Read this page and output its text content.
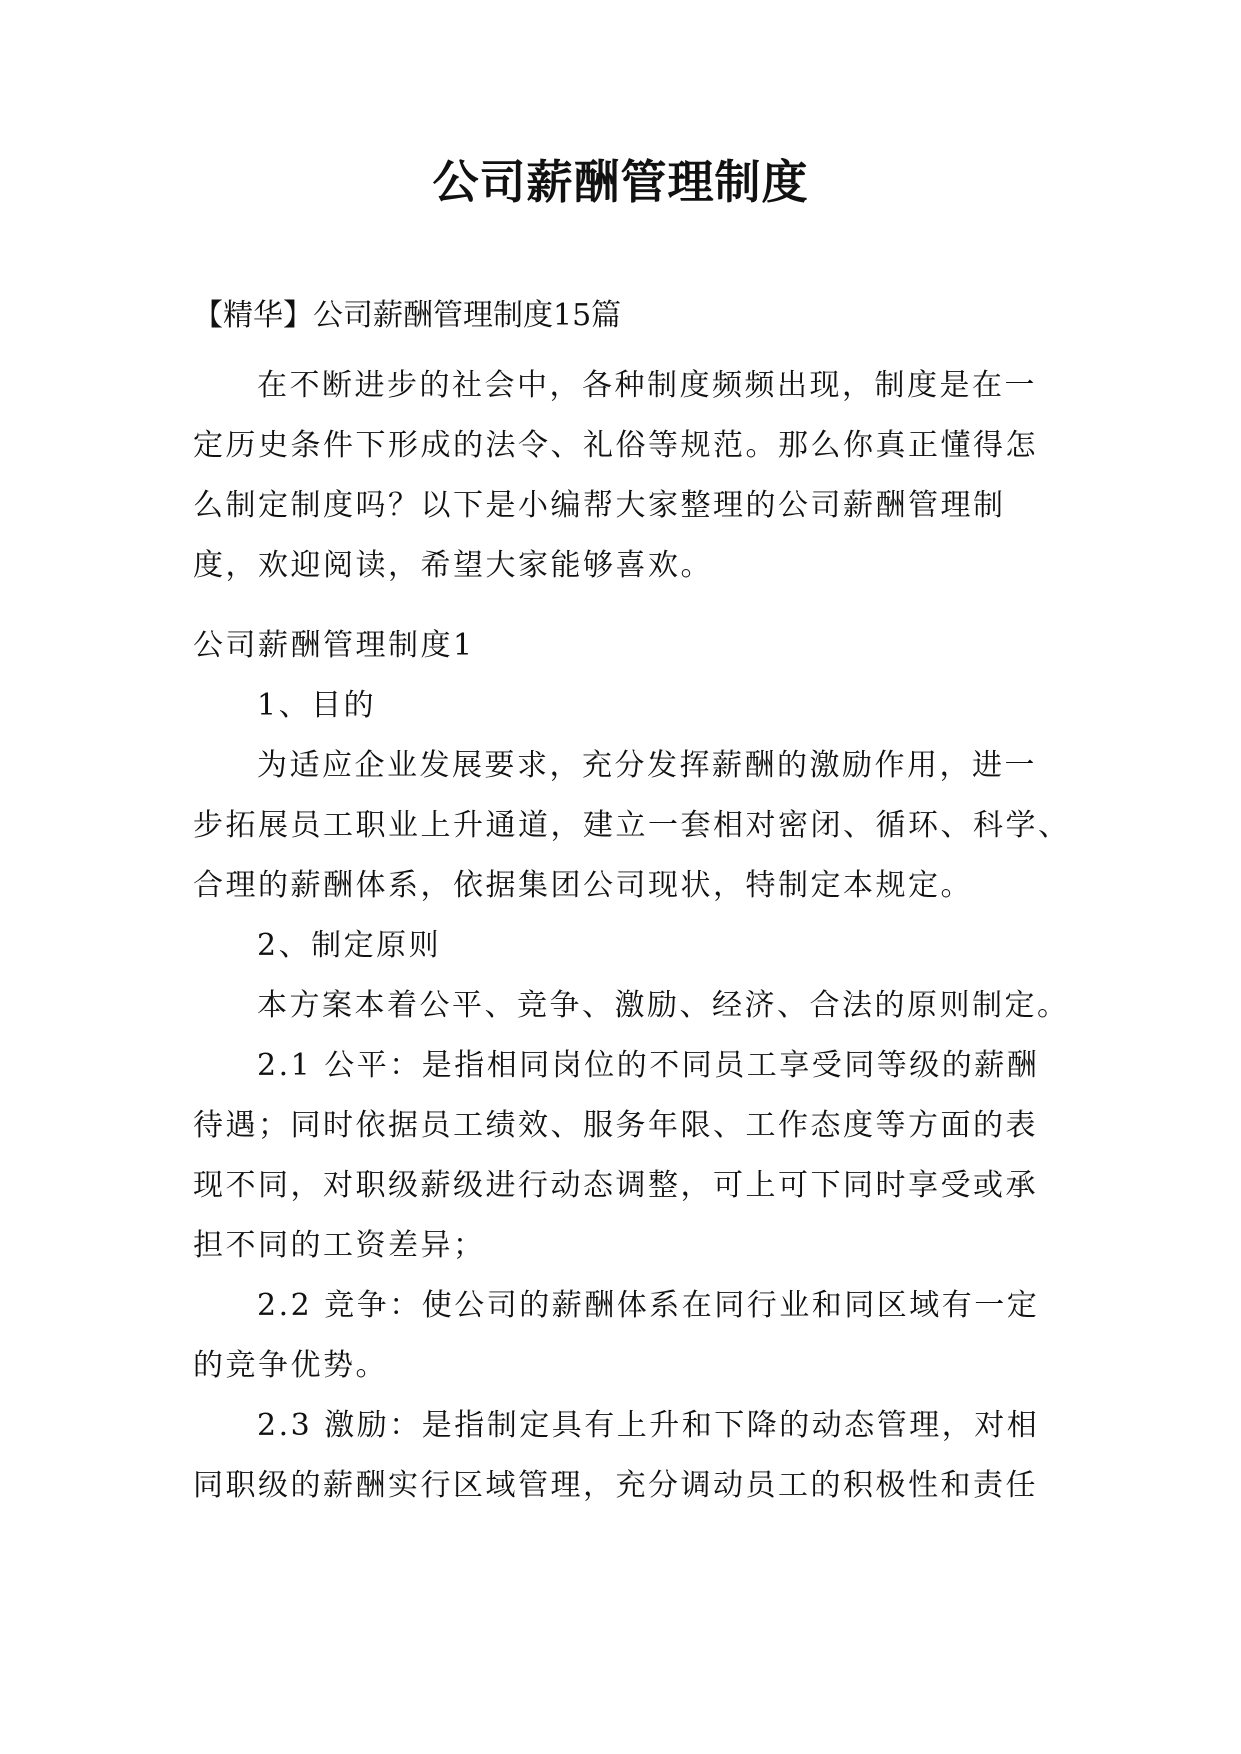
公司薪酬管理制度
【精华】公司薪酬管理制度15篇
在不断进步的社会中，各种制度频频出现，制度是在一
定历史条件下形成的法令、礼俗等规范。那么你真正懂得怎
么制定制度吗？以下是小编帮大家整理的公司薪酬管理制
度，欢迎阅读，希望大家能够喜欢。
公司薪酬管理制度1
1、目的
为适应企业发展要求，充分发挥薪酬的激励作用，进一
步拓展员工职业上升通道，建立一套相对密闭、循环、科学、
合理的薪酬体系，依据集团公司现状，特制定本规定。
2、制定原则
本方案本着公平、竞争、激励、经济、合法的原则制定。
2.1 公平：是指相同岗位的不同员工享受同等级的薪酬
待遇；同时依据员工绩效、服务年限、工作态度等方面的表
现不同，对职级薪级进行动态调整，可上可下同时享受或承
担不同的工资差异；
2.2 竞争：使公司的薪酬体系在同行业和同区域有一定
的竞争优势。
2.3 激励：是指制定具有上升和下降的动态管理，对相
同职级的薪酬实行区域管理，充分调动员工的积极性和责任
